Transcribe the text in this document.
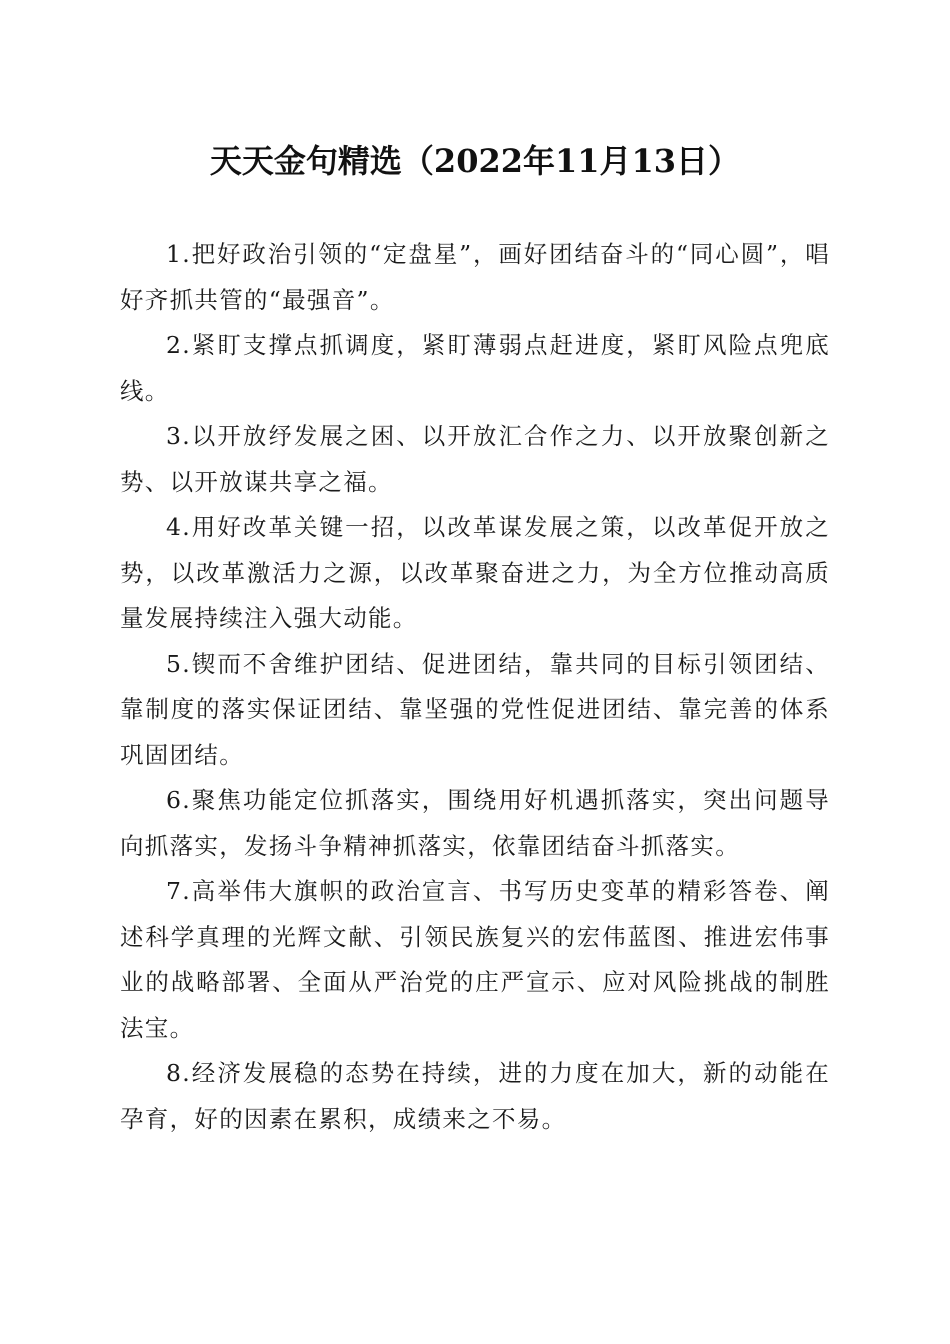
天天金句精选（2022年11月13日）

1.把好政治引领的“定盘星”，画好团结奋斗的“同心圆”，唱好齐抓共管的“最强音”。

2.紧盯支撑点抓调度，紧盯薄弱点赶进度，紧盯风险点兜底线。

3.以开放纾发展之困、以开放汇合作之力、以开放聚创新之势、以开放谋共享之福。

4.用好改革关键一招，以改革谋发展之策，以改革促开放之势，以改革激活力之源，以改革聚奋进之力，为全方位推动高质量发展持续注入强大动能。

5.锲而不舍维护团结、促进团结，靠共同的目标引领团结、靠制度的落实保证团结、靠坚强的党性促进团结、靠完善的体系巩固团结。

6.聚焦功能定位抓落实，围绕用好机遇抓落实，突出问题导向抓落实，发扬斗争精神抓落实，依靠团结奋斗抓落实。

7.高举伟大旗帜的政治宣言、书写历史变革的精彩答卷、阐述科学真理的光辉文献、引领民族复兴的宏伟蓝图、推进宏伟事业的战略部署、全面从严治党的庄严宣示、应对风险挑战的制胜法宝。

8.经济发展稳的态势在持续，进的力度在加大，新的动能在孕育，好的因素在累积，成绩来之不易。
